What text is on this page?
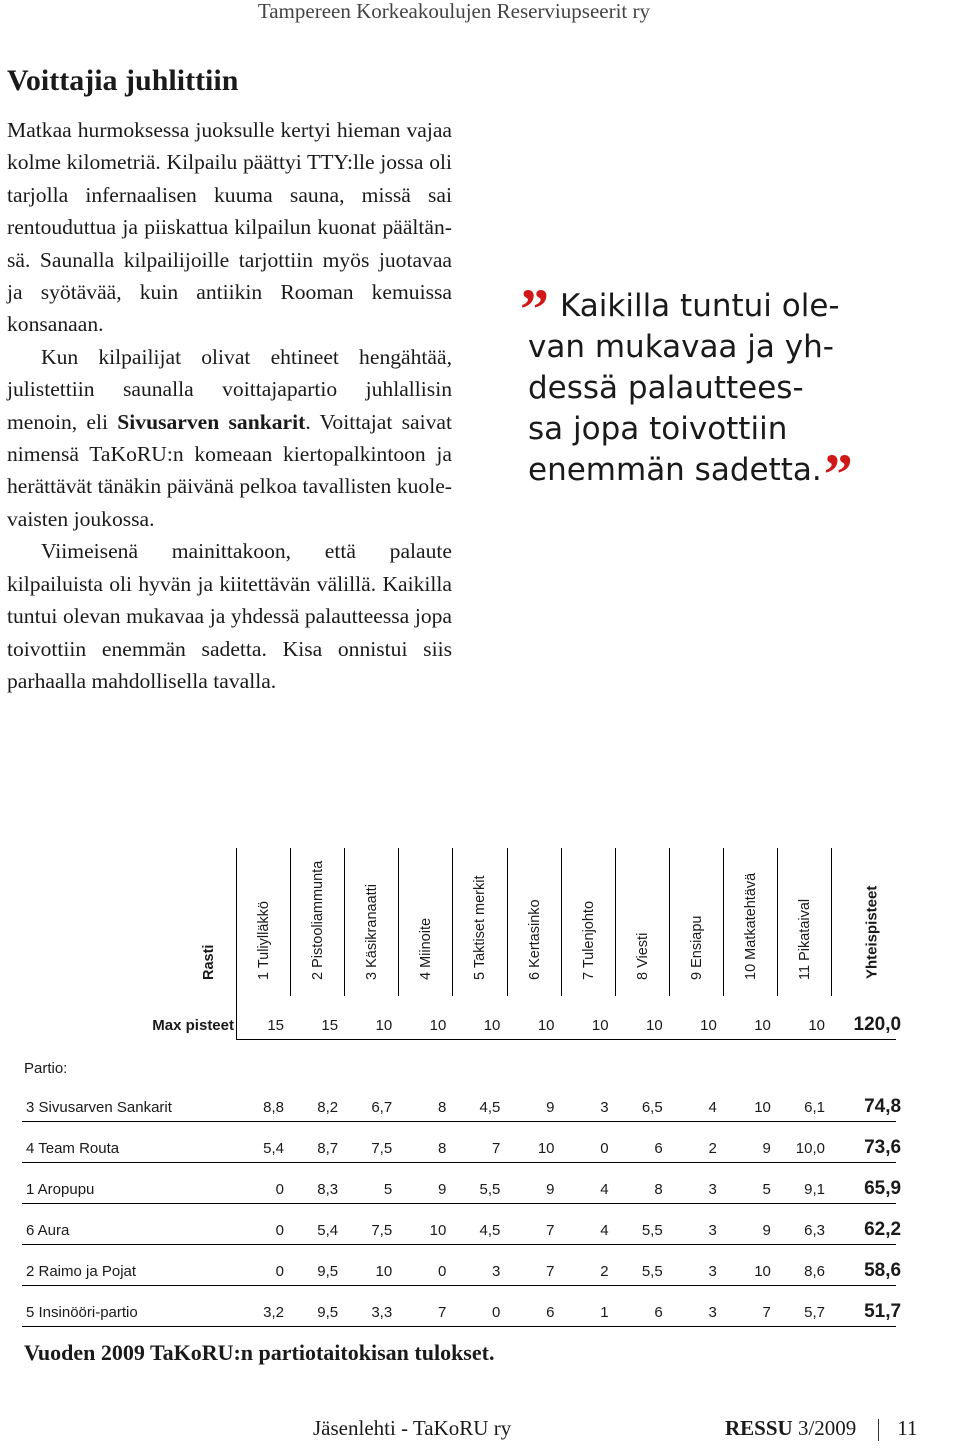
Tampereen Korkeakoulujen Reserviupseerit ry
Voittajia juhlittiin

Matkaa hurmoksessa juoksulle kertyi hieman vajaa kolme kilometriä. Kilpailu päättyi TTY:lle jossa oli tarjolla infernaalisen kuuma sauna, missä sai rentouduttua ja piiskattua kilpailun kuonat päältänsä. Saunalla kilpailijoille tarjottiin myös juotavaa ja syötävää, kuin antiikin Rooman kemuissa konsanaan.

Kun kilpailijat olivat ehtineet hengähtää, julistettiin saunalla voittajapartio juhlallisin menoin, eli Sivusarven sankarit. Voittajat saivat nimensä TaKoRU:n komeaan kiertopalkintoon ja herättävät tänäkin päivänä pelkoa tavallisten kuolevaisten joukossa.

Viimeisenä mainittakoon, että palaute kilpailuista oli hyvän ja kiitettävän välillä. Kaikilla tuntui olevan mukavaa ja yhdessä palautteessa jopa toivottiin enemmän sadetta. Kisa onnistui siis parhaalla mahdollisella tavalla.

” Kaikilla tuntui ole-
van mukavaa ja yh-
dessä palauttees-
sa jopa toivottiin
enemmän sadetta.”
Rasti	1 Tuliylläkkö	2 Pistooliammunta	3 Käsikranaatti	4 Miinoite	5 Taktiset merkit	6 Kertasinko	7 Tulenjohto	8 Viesti	9 Ensiapu	10 Matkatehtävä	11 Pikataival	Yhteispisteet
Max pisteet	15	15	10	10	10	10	10	10	10	10	10	120,0
Partio:
3 Sivusarven Sankarit	8,8	8,2	6,7	8	4,5	9	3	6,5	4	10	6,1	74,8
4 Team Routa	5,4	8,7	7,5	8	7	10	0	6	2	9	10,0	73,6
1 Aropupu	0	8,3	5	9	5,5	9	4	8	3	5	9,1	65,9
6 Aura	0	5,4	7,5	10	4,5	7	4	5,5	3	9	6,3	62,2
2 Raimo ja Pojat	0	9,5	10	0	3	7	2	5,5	3	10	8,6	58,6
5 Insinööri-partio	3,2	9,5	3,3	7	0	6	1	6	3	7	5,7	51,7
Vuoden 2009 TaKoRU:n partiotaitokisan tulokset.
Jäsenlehti - TaKoRU ry	RESSU 3/2009 11
